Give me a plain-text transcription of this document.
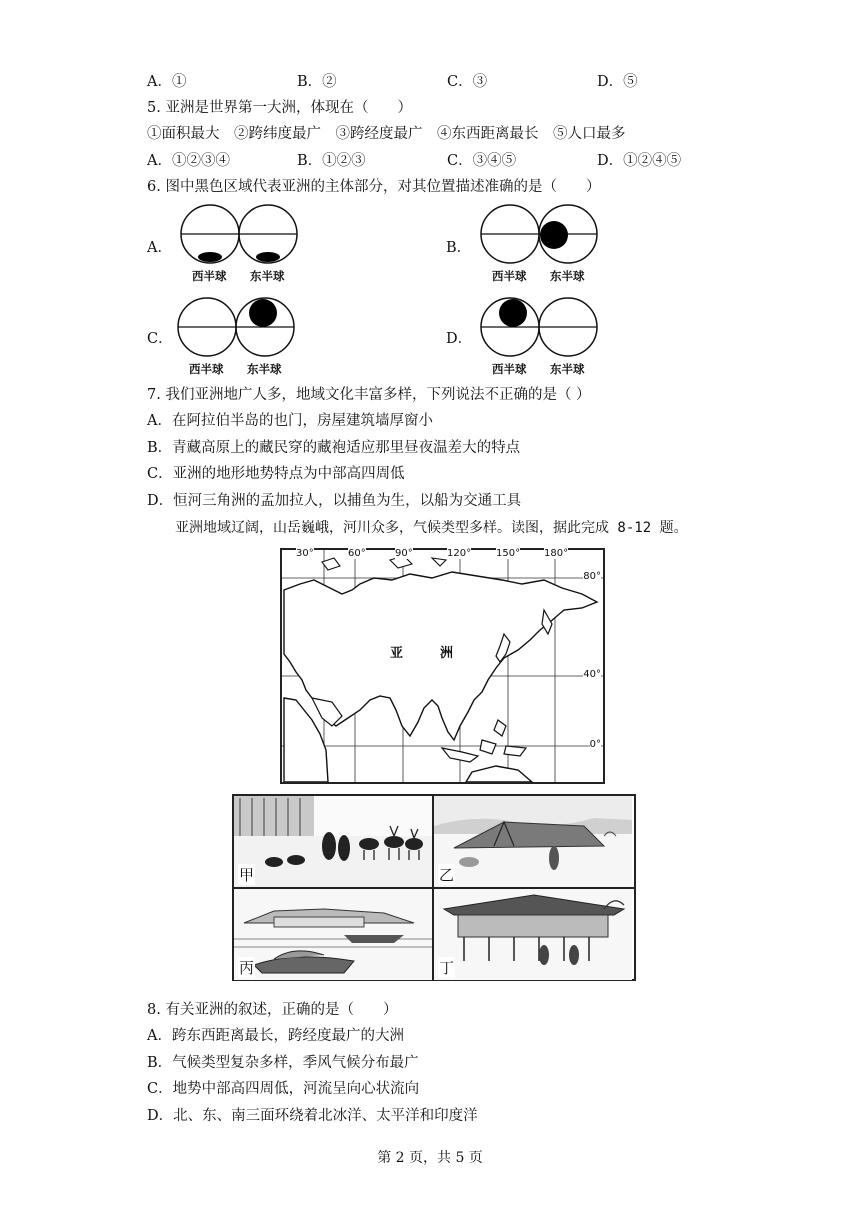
A．①	B．②	C．③	D．⑤
5. 亚洲是世界第一大洲，体现在（　　）
①面积最大　②跨纬度最广　③跨经度最广　④东西距离最长　⑤人口最多
A．①②③④	B．①②③	C．③④⑤	D．①②④⑤
6. 图中黑色区域代表亚洲的主体部分，对其位置描述准确的是（　　）
A．
西半球 东半球
B．
西半球 东半球
C．
西半球 东半球
D．
西半球 东半球
7. 我们亚洲地广人多，地域文化丰富多样，下列说法不正确的是（ ）
A．在阿拉伯半岛的也门，房屋建筑墙厚窗小
B．青藏高原上的藏民穿的藏袍适应那里昼夜温差大的特点
C．亚洲的地形地势特点为中部高四周低
D．恒河三角洲的孟加拉人，以捕鱼为生，以船为交通工具
亚洲地域辽阔，山岳巍峨，河川众多，气候类型多样。读图，据此完成 8-12 题。
30°	60°	90°	120° 150° 180°
80°
40°
0°
亚	洲
甲	乙
丙	丁
8. 有关亚洲的叙述，正确的是（　　）
A．跨东西距离最长，跨经度最广的大洲
B．气候类型复杂多样，季风气候分布最广
C．地势中部高四周低，河流呈向心状流向
D．北、东、南三面环绕着北冰洋、太平洋和印度洋
第 2 页，共 5 页
